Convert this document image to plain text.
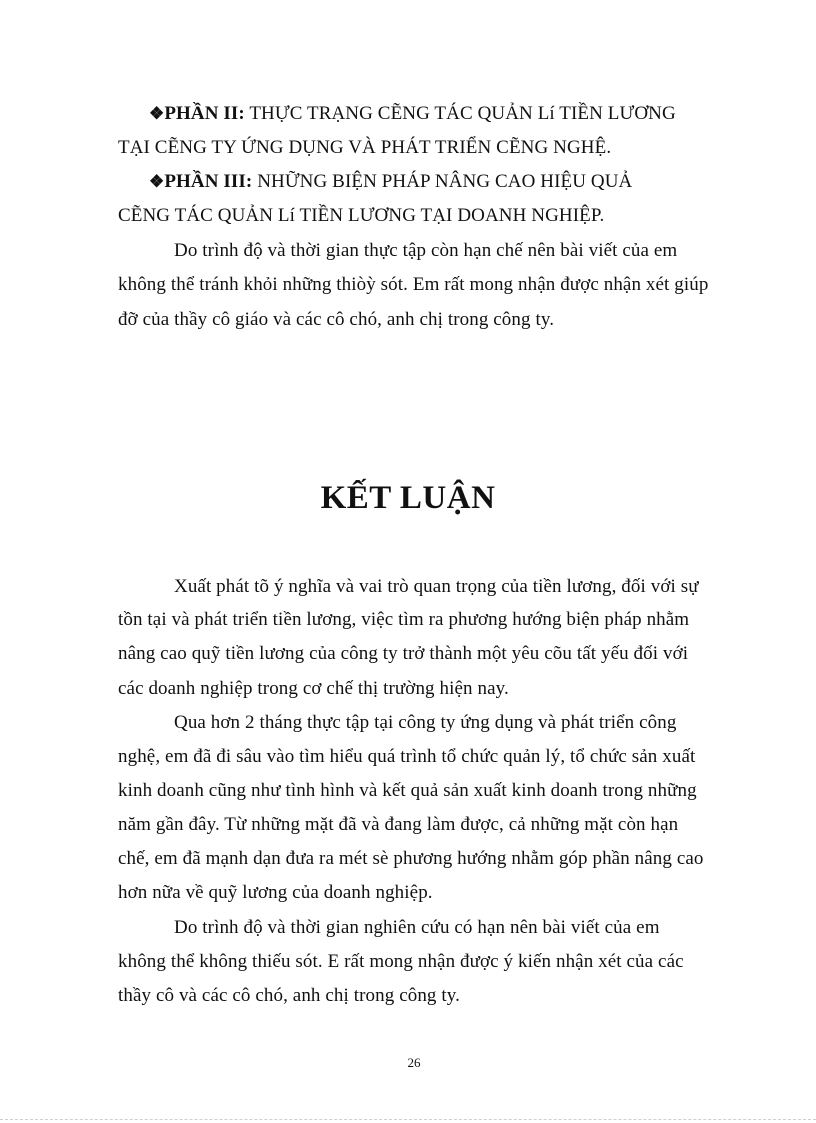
❖PHẦN II: THỰC TRẠNG CẼNG TÁC QUẢN Lí TIỀN LƯƠNG
TẠI CẼNG TY ỨNG DỤNG VÀ PHÁT TRIỂN CẼNG NGHỆ.
❖PHẦN III: NHỮNG BIỆN PHÁP NÂNG CAO HIỆU QUẢ
CẼNG TÁC QUẢN Lí TIỀN LƯƠNG TẠI DOANH NGHIỆP.
Do trình độ và thời gian thực tập còn hạn chế nên bài viết của em
không thể tránh khỏi những thiòỳ sót. Em rất mong nhận được nhận xét giúp
đỡ của thầy cô giáo và các cô chó, anh chị trong công ty.
KẾT LUẬN
Xuất phát tõ ý nghĩa và vai trò quan trọng của tiền lương, đối với sự
tồn tại và phát triển tiền lương, việc tìm ra phương hướng biện pháp nhằm
nâng cao quỹ tiền lương của công ty trở thành một yêu cõu tất yếu đối với
các doanh nghiệp trong cơ chế thị trường hiện nay.
Qua hơn 2 tháng thực tập tại công ty ứng dụng và phát triển công
nghệ, em đã đi sâu vào tìm hiểu quá trình tổ chức quản lý, tổ chức sản xuất
kinh doanh cũng như tình hình và kết quả sản xuất kinh doanh trong những
năm gần đây. Từ những mặt đã và đang làm được, cả những mặt còn hạn
chế, em đã mạnh dạn đưa ra mét sè phương hướng nhằm góp phần nâng cao
hơn nữa về quỹ lương của doanh nghiệp.
Do trình độ và thời gian nghiên cứu có hạn nên bài viết của em
không thể không thiếu sót. E rất mong nhận được ý kiến nhận xét của các
thầy cô và các cô chó, anh chị trong công ty.
26
